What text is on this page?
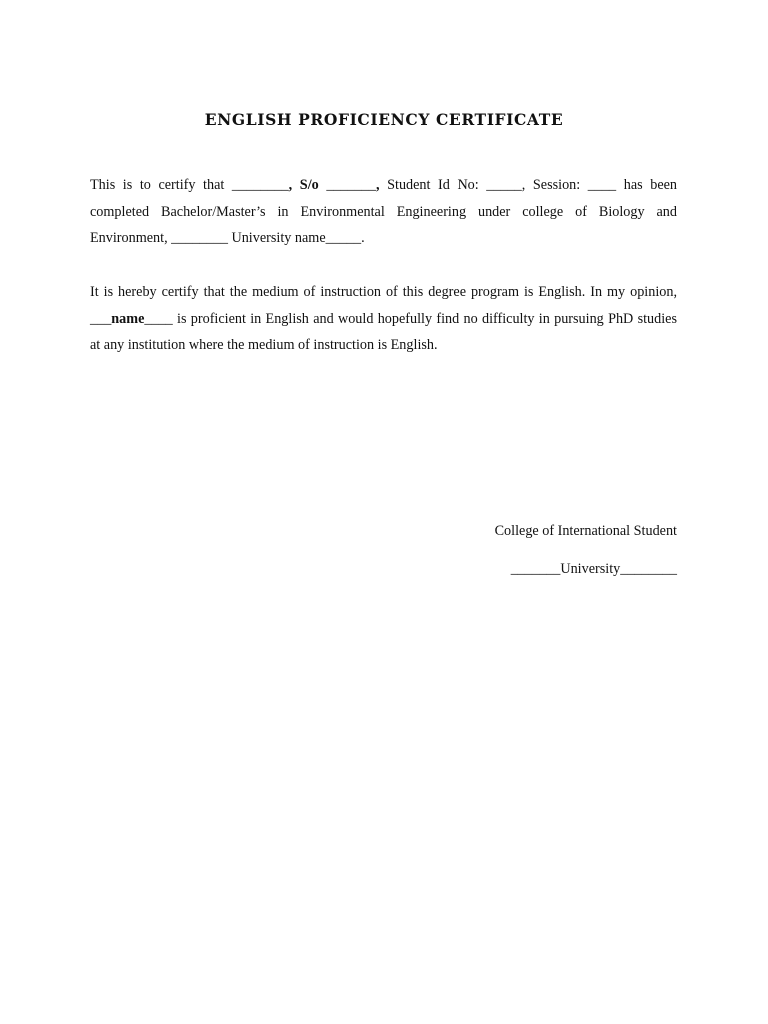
ENGLISH PROFICIENCY CERTIFICATE
This is to certify that ________, S/o _______, Student Id No: _____, Session: ____ has been completed Bachelor/Master’s in Environmental Engineering under college of Biology and Environment, ________ University name_____.
It is hereby certify that the medium of instruction of this degree program is English. In my opinion, ___name____ is proficient in English and would hopefully find no difficulty in pursuing PhD studies at any institution where the medium of instruction is English.
College of International Student
_______University________
